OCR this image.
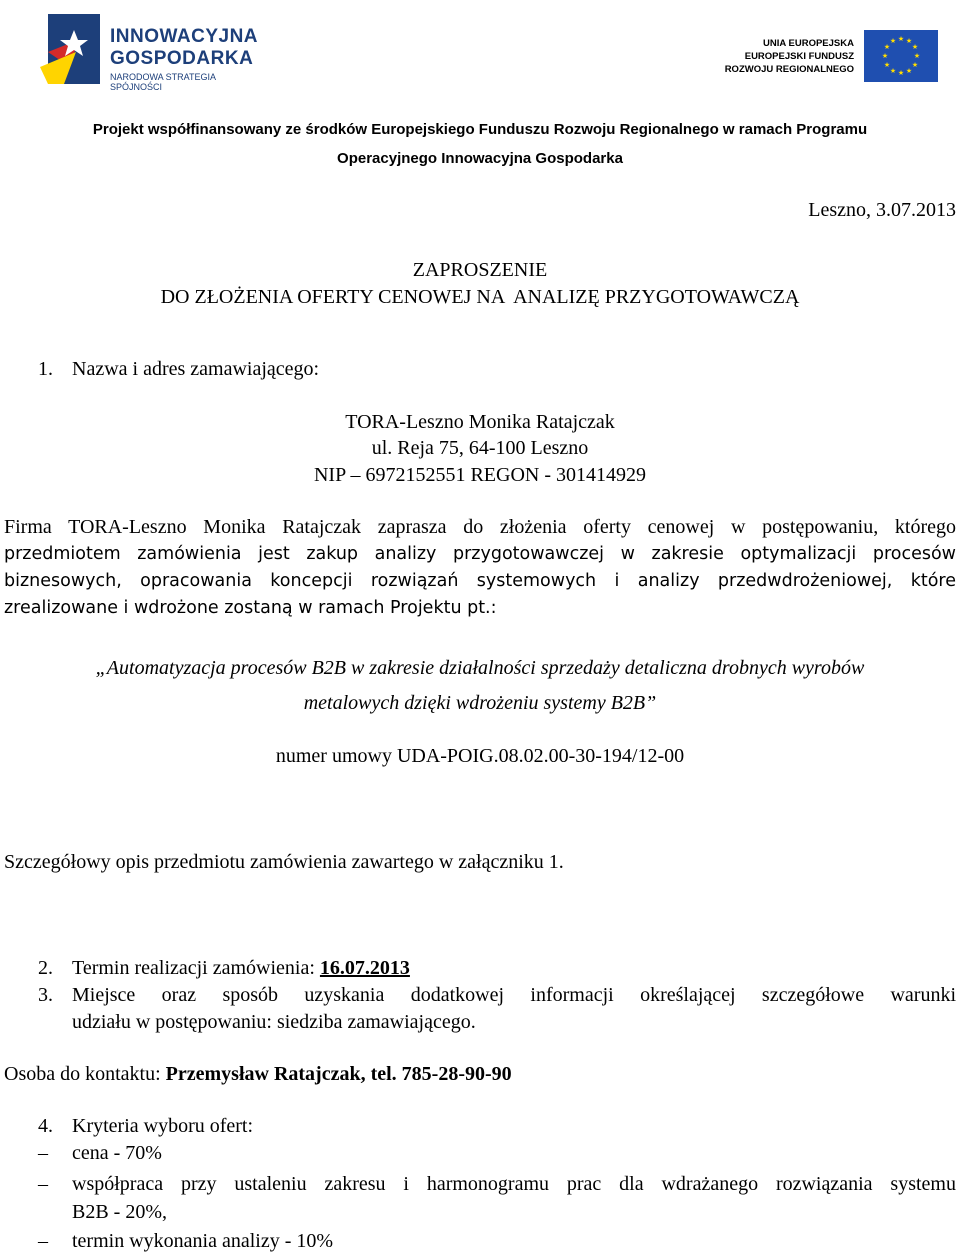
INNOWACYJNA
GOSPODARKA
NARODOWA STRATEGIA SPÓJNOŚCI
UNIA EUROPEJSKA
EUROPEJSKI FUNDUSZ
ROZWOJU REGIONALNEGO
★ ★
★
★
★
★
★
★
★
★
★
★
Projekt współfinansowany ze środków Europejskiego Funduszu Rozwoju Regionalnego w ramach Programu
Operacyjnego Innowacyjna Gospodarka
Leszno, 3.07.2013
ZAPROSZENIE
DO ZŁOŻENIA OFERTY CENOWEJ NA  ANALIZĘ PRZYGOTOWAWCZĄ
1. Nazwa i adres zamawiającego:
TORA-Leszno Monika Ratajczak
ul. Reja 75, 64-100 Leszno
NIP – 6972152551 REGON - 301414929
Firma TORA-Leszno Monika Ratajczak zaprasza do złożenia oferty cenowej w postępowaniu, którego
przedmiotem zamówienia jest zakup analizy przygotowawczej w zakresie optymalizacji procesów
biznesowych, opracowania koncepcji rozwiązań systemowych i analizy przedwdrożeniowej, które
zrealizowane i wdrożone zostaną w ramach Projektu pt.:
„Automatyzacja procesów B2B w zakresie działalności sprzedaży detaliczna drobnych wyrobów
metalowych dzięki wdrożeniu systemy B2B”
numer umowy UDA-POIG.08.02.00-30-194/12-00
Szczegółowy opis przedmiotu zamówienia zawartego w załączniku 1.
2. Termin realizacji zamówienia: 16.07.2013
3. Miejsce oraz sposób uzyskania dodatkowej informacji określającej szczegółowe warunki
udziału w postępowaniu: siedziba zamawiającego.
Osoba do kontaktu: Przemysław Ratajczak, tel. 785-28-90-90
4. Kryteria wyboru ofert:
– cena - 70%
– współpraca przy ustaleniu zakresu i harmonogramu prac dla wdrażanego rozwiązania systemu
B2B - 20%,
– termin wykonania analizy - 10%
